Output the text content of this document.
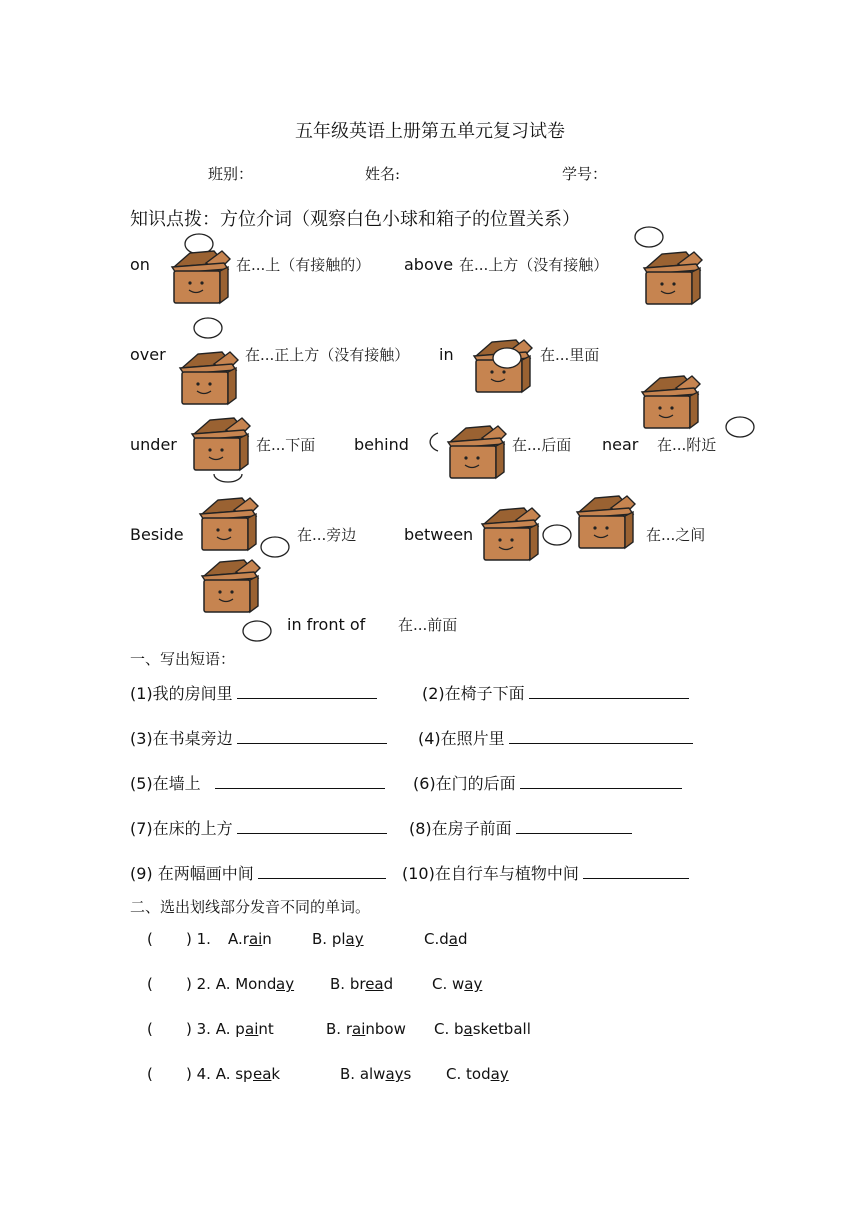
五年级英语上册第五单元复习试卷
班别：	姓名:	学号：
知识点拨：方位介词（观察白色小球和箱子的位置关系）
on	在...上（有接触的） above 在...上方（没有接触）
over	在...正上方（没有接触） in	在...里面
under	在...下面 behind	在...后面 near 在...附近
Beside	在...旁边	between	在...之间
in front of 在...前面
一、写出短语：
(1)我的房间里	(2)在椅子下面
(3)在书桌旁边	(4)在照片里
(5)在墙上	(6)在门的后面
(7)在床的上方	(8)在房子前面
(9) 在两幅画中间	(10)在自行车与植物中间
二、选出划线部分发音不同的单词。
( ) 1. A.rain	B. play	C.dad
( ) 2. A. Mond ay B. bread	C. way
( ) 3. A. p aint	B. rainbow C. basketball
( ) 4. A. sp eak	B. always C. today
